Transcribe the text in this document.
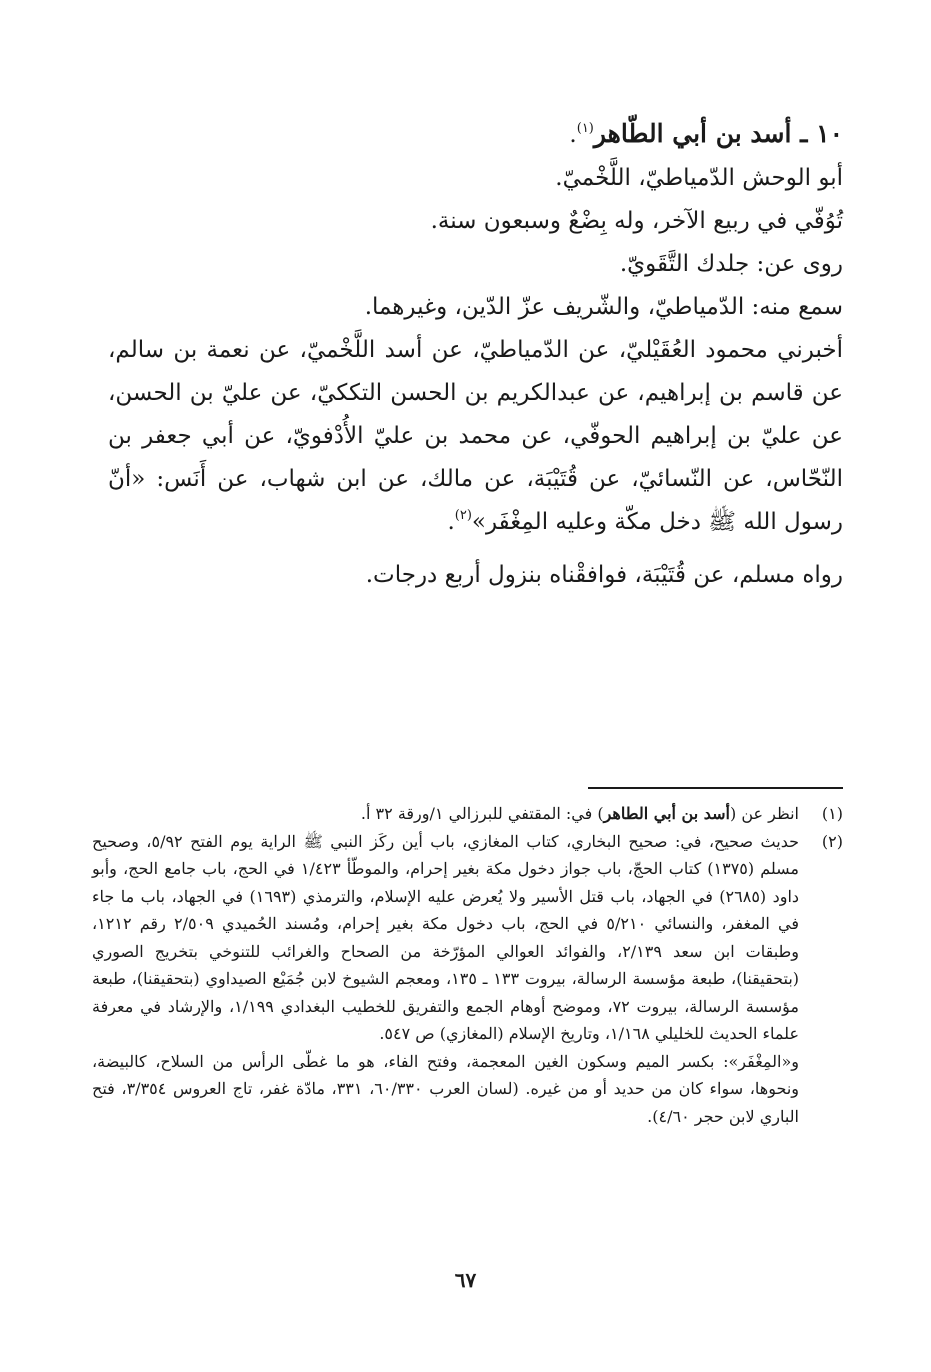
١٠ ـ أسد بن أبي الطّاهر$^{(١)}$.

أبو الوحش الدّمياطيّ، اللَّخْميّ.

تُوُفّي في ربيع الآخر، وله بِضْعٌ وسبعون سنة.

روى عن: جلدك التَّقَويّ.

سمع منه: الدّمياطيّ، والشّريف عزّ الدّين، وغيرهما.

أخبرني محمود العُقَيْليّ، عن الدّمياطيّ، عن أسد اللَّخْميّ، عن نعمة بن سالم، عن قاسم بن إبراهيم، عن عبدالكريم بن الحسن التككيّ، عن عليّ بن الحسن، عن عليّ بن إبراهيم الحوفّي، عن محمد بن عليّ الأُدْفويّ، عن أبي جعفر بن النّحّاس، عن النّسائيّ، عن قُتَيْبَة، عن مالك، عن ابن شهاب، عن أَنَس: «أنّ رسول الله ﷺ دخل مكّة وعليه المِغْفَر»$^{(٢)}$.

رواه مسلم، عن قُتَيْبَة، فوافقْناه بنزول أربع درجات.

(١)
انظر عن (أسد بن أبي الطاهر) في: المقتفي للبرزالي ١/ورقة ٣٢ أ.
(٢)

حديث صحيح، في: صحيح البخاري، كتاب المغازي، باب أين ركَز النبي ﷺ الراية يوم الفتح ٥/٩٢، وصحيح مسلم (١٣٧٥) كتاب الحجّ، باب جواز دخول مكة بغير إحرام، والموطّأ ١/٤٢٣ في الحج، باب جامع الحج، وأبو داود (٢٦٨٥) في الجهاد، باب قتل الأسير ولا يُعرض عليه الإسلام، والترمذي (١٦٩٣) في الجهاد، باب ما جاء في المغفر، والنسائي ٥/٢١٠ في الحج، باب دخول مكة بغير إحرام، ومُسند الحُميدي ٢/٥٠٩ رقم ١٢١٢، وطبقات ابن سعد ٢/١٣٩، والفوائد العوالي المؤرّخة من الصحاح والغرائب للتنوخي بتخريج الصوري (بتحقيقنا)، طبعة مؤسسة الرسالة، بيروت ١٣٣ ـ ١٣٥، ومعجم الشيوخ لابن جُمَيْع الصيداوي (بتحقيقنا)، طبعة مؤسسة الرسالة، بيروت ٧٢، وموضح أوهام الجمع والتفريق للخطيب البغدادي ١/١٩٩، والإرشاد في معرفة علماء الحديث للخليلي ١/١٦٨، وتاريخ الإسلام (المغازي) ص ٥٤٧.

و«المِغْفَر»: بكسر الميم وسكون الغين المعجمة، وفتح الفاء، هو ما غطّى الرأس من السلاح، كالبيضة، ونحوها، سواء كان من حديد أو من غيره. (لسان العرب ٦٠/٣٣٠، ٣٣١، مادّة غفر، تاج العروس ٣/٣٥٤، فتح الباري لابن حجر ٤/٦٠).

٦٧
